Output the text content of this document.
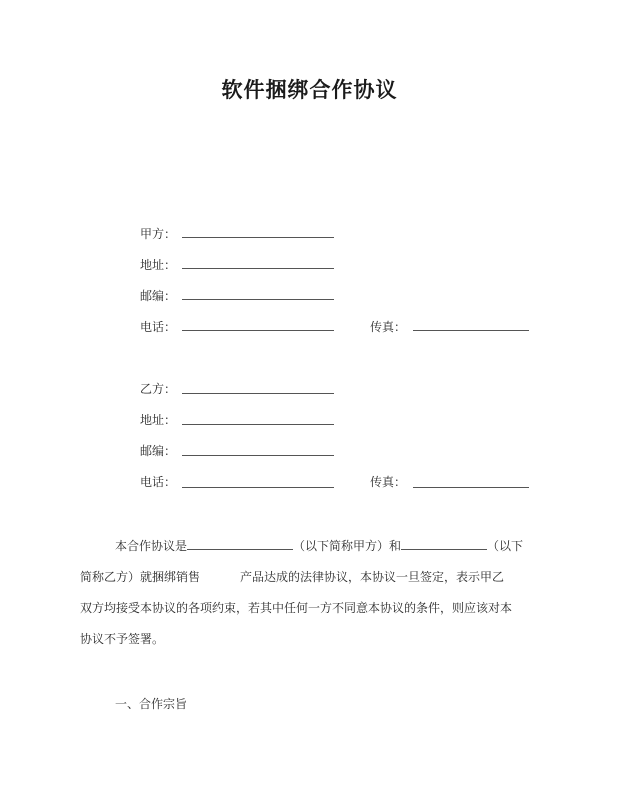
软件捆绑合作协议
甲方：
地址：
邮编：
电话：	传真：
乙方：
地址：
邮编：
电话：	传真：
本合作协议是	（以下简称甲方）和	（以下
简称乙方）就捆绑销售	产品达成的法律协议，本协议一旦签定，表示甲乙
双方均接受本协议的各项约束，若其中任何一方不同意本协议的条件，则应该对本
协议不予签署。
一、合作宗旨
